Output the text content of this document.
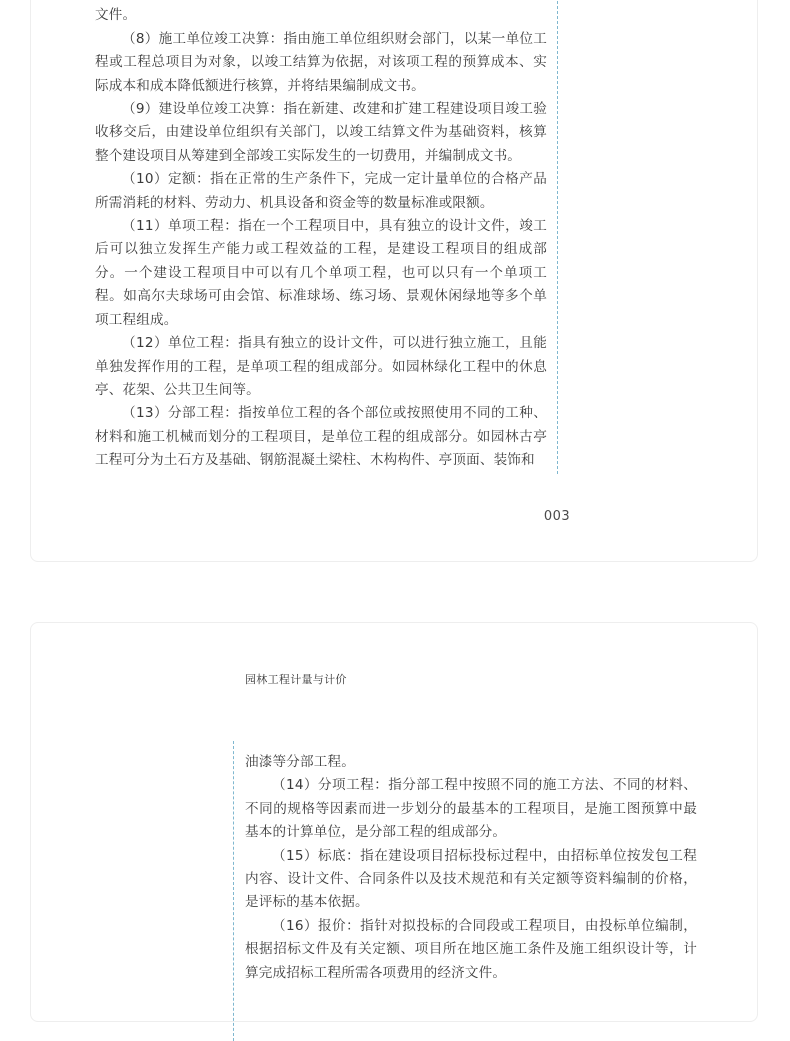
文件。

（8）施工单位竣工决算：指由施工单位组织财会部门，以某一单位工程或工程总项目为对象，以竣工结算为依据，对该项工程的预算成本、实际成本和成本降低额进行核算，并将结果编制成文书。

（9）建设单位竣工决算：指在新建、改建和扩建工程建设项目竣工验收移交后，由建设单位组织有关部门，以竣工结算文件为基础资料，核算整个建设项目从筹建到全部竣工实际发生的一切费用，并编制成文书。

（10）定额：指在正常的生产条件下，完成一定计量单位的合格产品所需消耗的材料、劳动力、机具设备和资金等的数量标准或限额。

（11）单项工程：指在一个工程项目中，具有独立的设计文件，竣工后可以独立发挥生产能力或工程效益的工程，是建设工程项目的组成部分。一个建设工程项目中可以有几个单项工程，也可以只有一个单项工程。如高尔夫球场可由会馆、标准球场、练习场、景观休闲绿地等多个单项工程组成。

（12）单位工程：指具有独立的设计文件，可以进行独立施工，且能单独发挥作用的工程，是单项工程的组成部分。如园林绿化工程中的休息亭、花架、公共卫生间等。

（13）分部工程：指按单位工程的各个部位或按照使用不同的工种、材料和施工机械而划分的工程项目，是单位工程的组成部分。如园林古亭工程可分为土石方及基础、钢筋混凝土梁柱、木构构件、亭顶面、装饰和

003
园林工程计量与计价

油漆等分部工程。

（14）分项工程：指分部工程中按照不同的施工方法、不同的材料、不同的规格等因素而进一步划分的最基本的工程项目，是施工图预算中最基本的计算单位，是分部工程的组成部分。

（15）标底：指在建设项目招标投标过程中，由招标单位按发包工程内容、设计文件、合同条件以及技术规范和有关定额等资料编制的价格，是评标的基本依据。

（16）报价：指针对拟投标的合同段或工程项目，由投标单位编制，根据招标文件及有关定额、项目所在地区施工条件及施工组织设计等，计算完成招标工程所需各项费用的经济文件。
